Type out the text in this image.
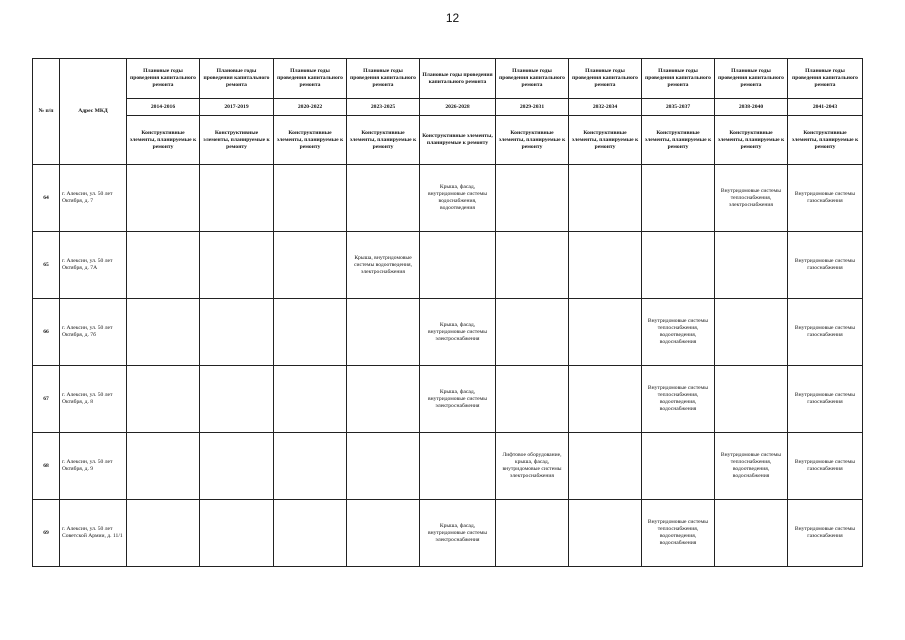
12
№ п/п	Адрес МКД	Плановые годы проведения капитального ремонта	Плановые годы проведения капитального ремонта	Плановые годы проведения капитального ремонта	Плановые годы проведения капитального ремонта	Плановые годы проведения капитального ремонта	Плановые годы проведения капитального ремонта	Плановые годы проведения капитального ремонта	Плановые годы проведения капитального ремонта	Плановые годы проведения капитального ремонта	Плановые годы проведения капитального ремонта
		2014-2016	2017-2019	2020-2022	2023-2025	2026-2028	2029-2031	2032-2034	2035-2037	2038-2040	2041-2043
		Конструктивные элементы, планируемые к ремонту	Конструктивные элементы, планируемые к ремонту	Конструктивные элементы, планируемые к ремонту	Конструктивные элементы, планируемые к ремонту	Конструктивные элементы, планируемые к ремонту	Конструктивные элементы, планируемые к ремонту	Конструктивные элементы, планируемые к ремонту	Конструктивные элементы, планируемые к ремонту	Конструктивные элементы, планируемые к ремонту	Конструктивные элементы, планируемые к ремонту
64	г. Алексин, ул. 50 лет Октября, д. 7					Крыша, фасад, внутридомовые системы водоснабжения, водоотведения				Внутридомовые системы теплоснабжения, электроснабжения	Внутридомовые системы газоснабжения
65	г. Алексин, ул. 50 лет Октября, д. 7А				Крыша, внутридомовые системы водоотведения, электроснабжения						Внутридомовые системы газоснабжения
66	г. Алексин, ул. 50 лет Октября, д. 7б					Крыша, фасад, внутридомовые системы электроснабжения			Внутридомовые системы теплоснабжения, водоотведения, водоснабжения		Внутридомовые системы газоснабжения
67	г. Алексин, ул. 50 лет Октября, д. 8					Крыша, фасад, внутридомовые системы электроснабжения			Внутридомовые системы теплоснабжения, водоотведения, водоснабжения		Внутридомовые системы газоснабжения
68	г. Алексин, ул. 50 лет Октября, д. 9						Лифтовое оборудование, крыша, фасад, внутридомовые системы электроснабжения			Внутридомовые системы теплоснабжения, водоотведения, водоснабжения	Внутридомовые системы газоснабжения
69	г. Алексин, ул. 50 лет Советской Армии, д. 11/1					Крыша, фасад, внутридомовые системы электроснабжения			Внутридомовые системы теплоснабжения, водоотведения, водоснабжения		Внутридомовые системы газоснабжения
